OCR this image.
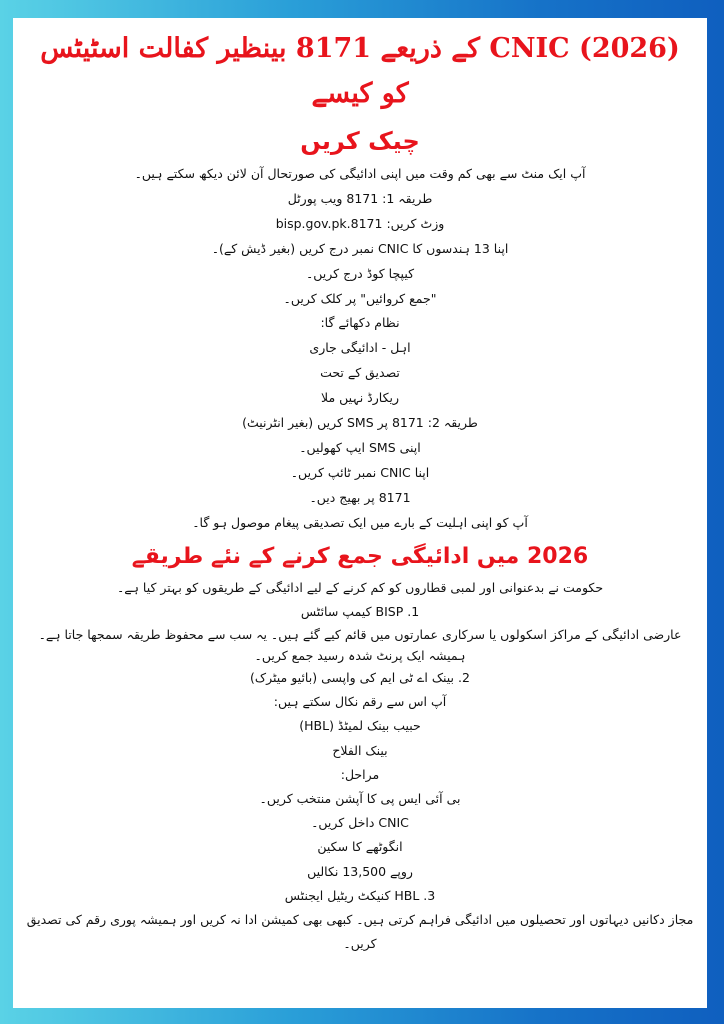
CNIC (2026) کے ذریعے 8171 بینظیر کفالت اسٹیٹس کو کیسے
چیک کریں

آپ ایک منٹ سے بھی کم وقت میں اپنی ادائیگی کی صورتحال آن لائن دیکھ سکتے ہیں۔

طریقہ 1: 8171 ویب پورٹل

وزٹ کریں: bisp.gov.pk.8171

اپنا 13 ہندسوں کا CNIC نمبر درج کریں (بغیر ڈیش کے)۔

کیپچا کوڈ درج کریں۔

"جمع کروائیں" پر کلک کریں۔

نظام دکھائے گا:

اہل - ادائیگی جاری

تصدیق کے تحت

ریکارڈ نہیں ملا

طریقہ 2: 8171 پر SMS کریں (بغیر انٹرنیٹ)

اپنی SMS ایپ کھولیں۔

اپنا CNIC نمبر ٹائپ کریں۔

8171 پر بھیج دیں۔

آپ کو اپنی اہلیت کے بارے میں ایک تصدیقی پیغام موصول ہو گا۔

2026 میں ادائیگی جمع کرنے کے نئے طریقے

حکومت نے بدعنوانی اور لمبی قطاروں کو کم کرنے کے لیے ادائیگی کے طریقوں کو بہتر کیا ہے۔

1. BISP کیمپ سائٹس

عارضی ادائیگی کے مراکز اسکولوں یا سرکاری عمارتوں میں قائم کیے گئے ہیں۔ یہ سب سے محفوظ طریقہ سمجھا جاتا ہے۔ ہمیشہ ایک پرنٹ شدہ رسید جمع کریں۔

2. بینک اے ٹی ایم کی واپسی (بائیو میٹرک)

آپ اس سے رقم نکال سکتے ہیں:

حبیب بینک لمیٹڈ (HBL)

بینک الفلاح

مراحل:

بی آئی ایس پی کا آپشن منتخب کریں۔

CNIC داخل کریں۔

انگوٹھے کا سکین

روپے 13,500 نکالیں

3. HBL کنیکٹ ریٹیل ایجنٹس

مجاز دکانیں دیہاتوں اور تحصیلوں میں ادائیگی فراہم کرتی ہیں۔ کبھی بھی کمیشن ادا نہ کریں اور ہمیشہ پوری رقم کی تصدیق کریں۔
